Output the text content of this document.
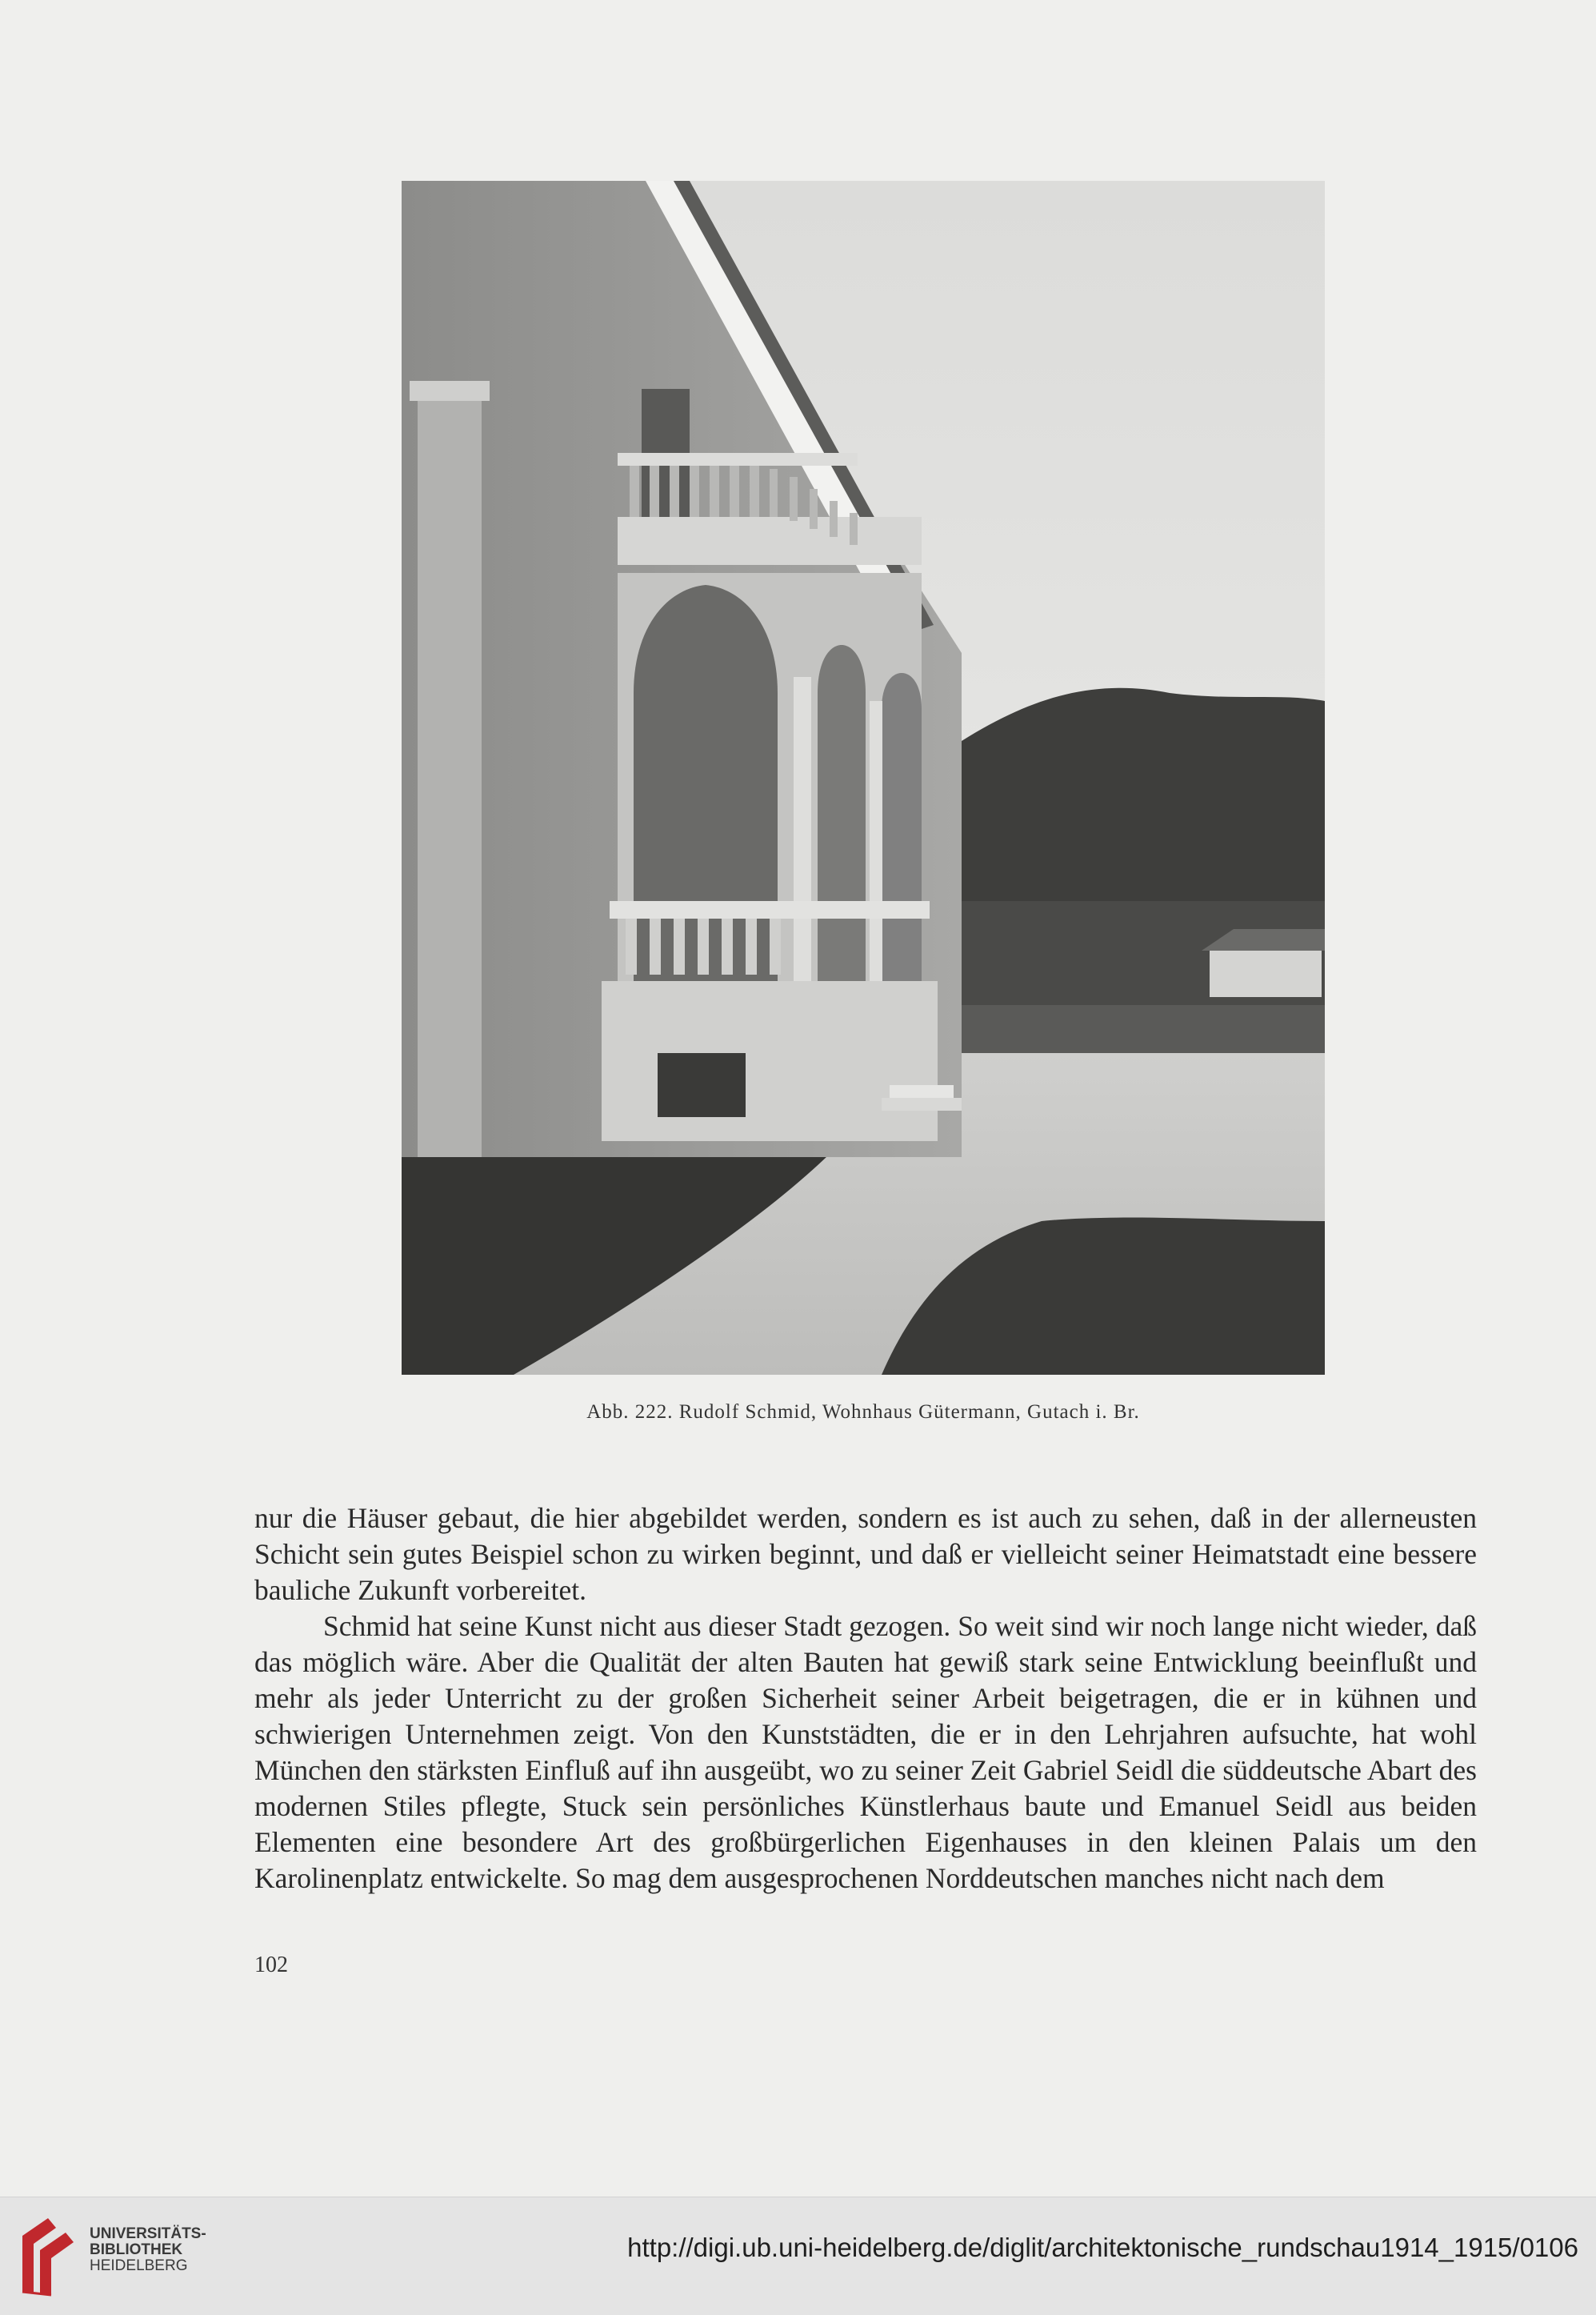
Abb. 222. Rudolf Schmid, Wohnhaus Gütermann, Gutach i. Br.

nur die Häuser gebaut, die hier abgebildet werden, sondern es ist auch zu sehen, daß in der allerneusten Schicht sein gutes Beispiel schon zu wirken beginnt, und daß er vielleicht seiner Heimatstadt eine bessere bauliche Zukunft vorbereitet.

Schmid hat seine Kunst nicht aus dieser Stadt gezogen. So weit sind wir noch lange nicht wieder, daß das möglich wäre. Aber die Qualität der alten Bauten hat gewiß stark seine Entwicklung beeinflußt und mehr als jeder Unterricht zu der großen Sicherheit seiner Arbeit beigetragen, die er in kühnen und schwierigen Unternehmen zeigt. Von den Kunststädten, die er in den Lehrjahren aufsuchte, hat wohl München den stärksten Einfluß auf ihn ausgeübt, wo zu seiner Zeit Gabriel Seidl die süddeutsche Abart des modernen Stiles pflegte, Stuck sein persönliches Künstlerhaus baute und Emanuel Seidl aus beiden Elementen eine besondere Art des großbürgerlichen Eigenhauses in den kleinen Palais um den Karolinenplatz entwickelte. So mag dem ausgesprochenen Norddeutschen manches nicht nach dem

102
UNIVERSITÄTS-
BIBLIOTHEK
HEIDELBERG
http://digi.ub.uni-heidelberg.de/diglit/architektonische_rundschau1914_1915/0106
